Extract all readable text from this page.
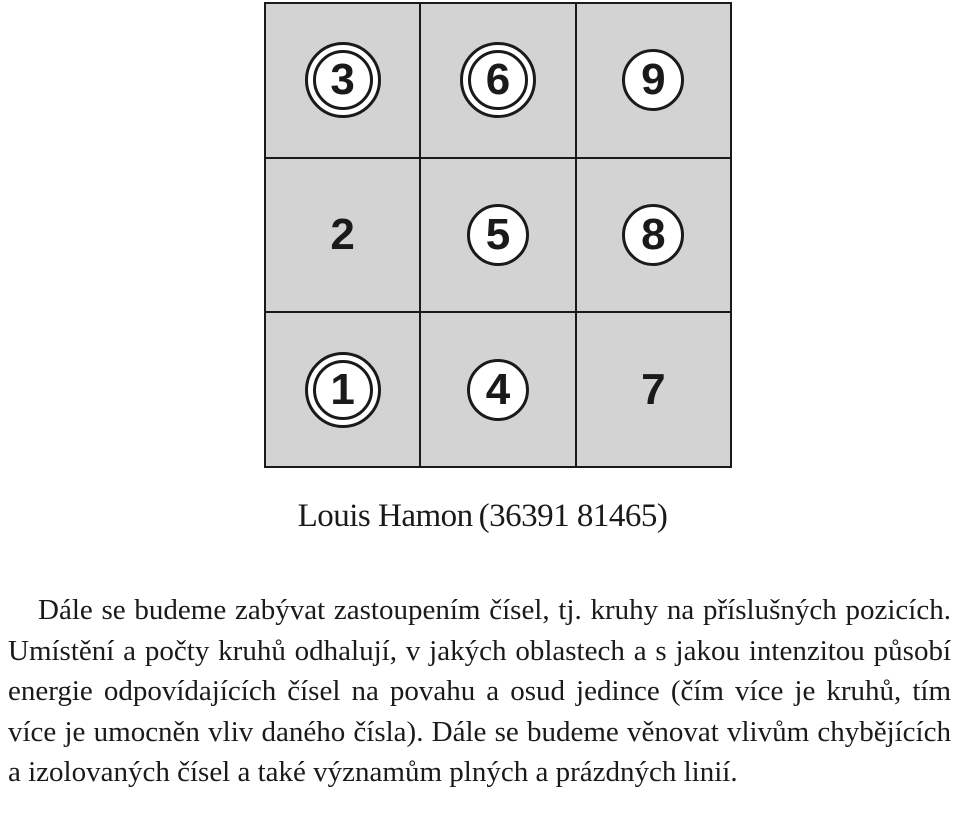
3	6	9
2	5	8
1	4	7
Louis Hamon (36391 81465)

Dále se budeme zabývat zastoupením čísel, tj. kruhy na příslušných pozicích. Umístění a počty kruhů odhalují, v jakých oblastech a s jakou intenzitou působí energie odpovídajících čísel na povahu a osud jedince (čím více je kruhů, tím více je umocněn vliv daného čísla). Dále se budeme věnovat vlivům chybějících a izolovaných čísel a také významům plných a prázdných linií.
